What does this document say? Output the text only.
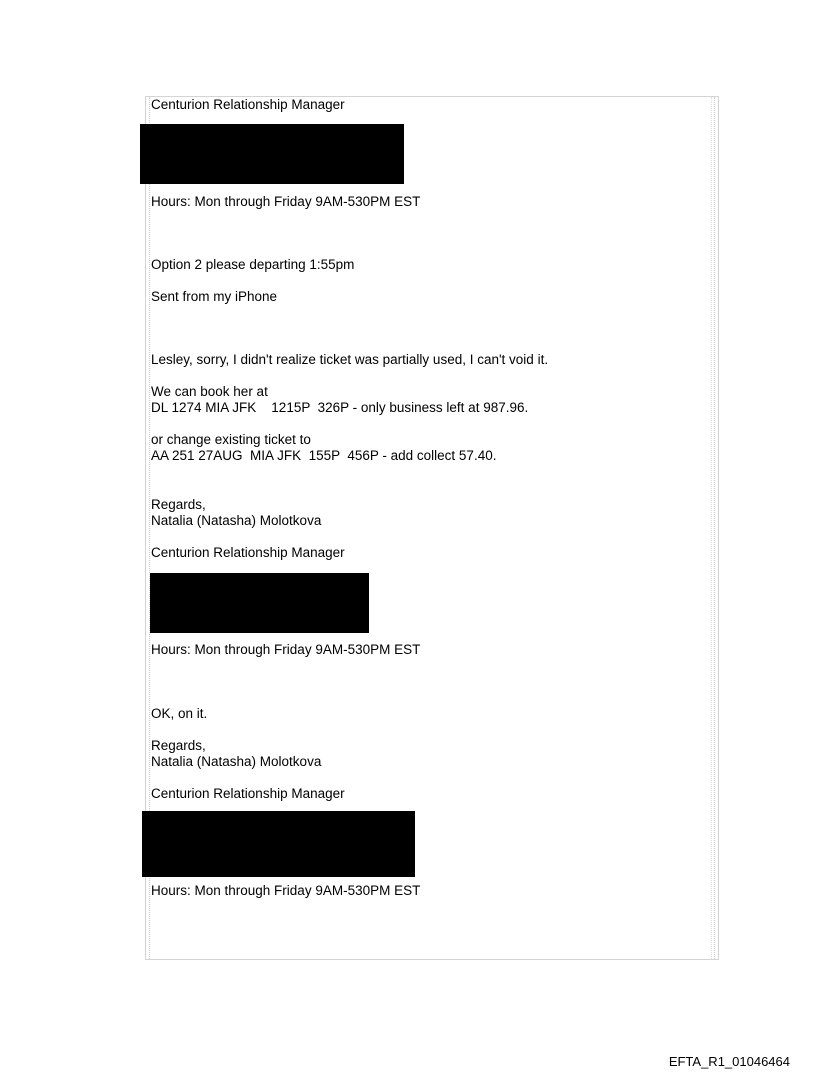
Centurion Relationship Manager
Hours: Mon through Friday 9AM-530PM EST
Option 2 please departing 1:55pm
Sent from my iPhone
Lesley, sorry, I didn't realize ticket was partially used, I can't void it.
We can book her at
DL 1274 MIA JFK    1215P  326P - only business left at 987.96.
or change existing ticket to
AA 251 27AUG  MIA JFK  155P  456P - add collect 57.40.
Regards,
Natalia (Natasha) Molotkova
Centurion Relationship Manager
Hours: Mon through Friday 9AM-530PM EST
OK, on it.
Regards,
Natalia (Natasha) Molotkova
Centurion Relationship Manager
Hours: Mon through Friday 9AM-530PM EST
EFTA_R1_01046464
